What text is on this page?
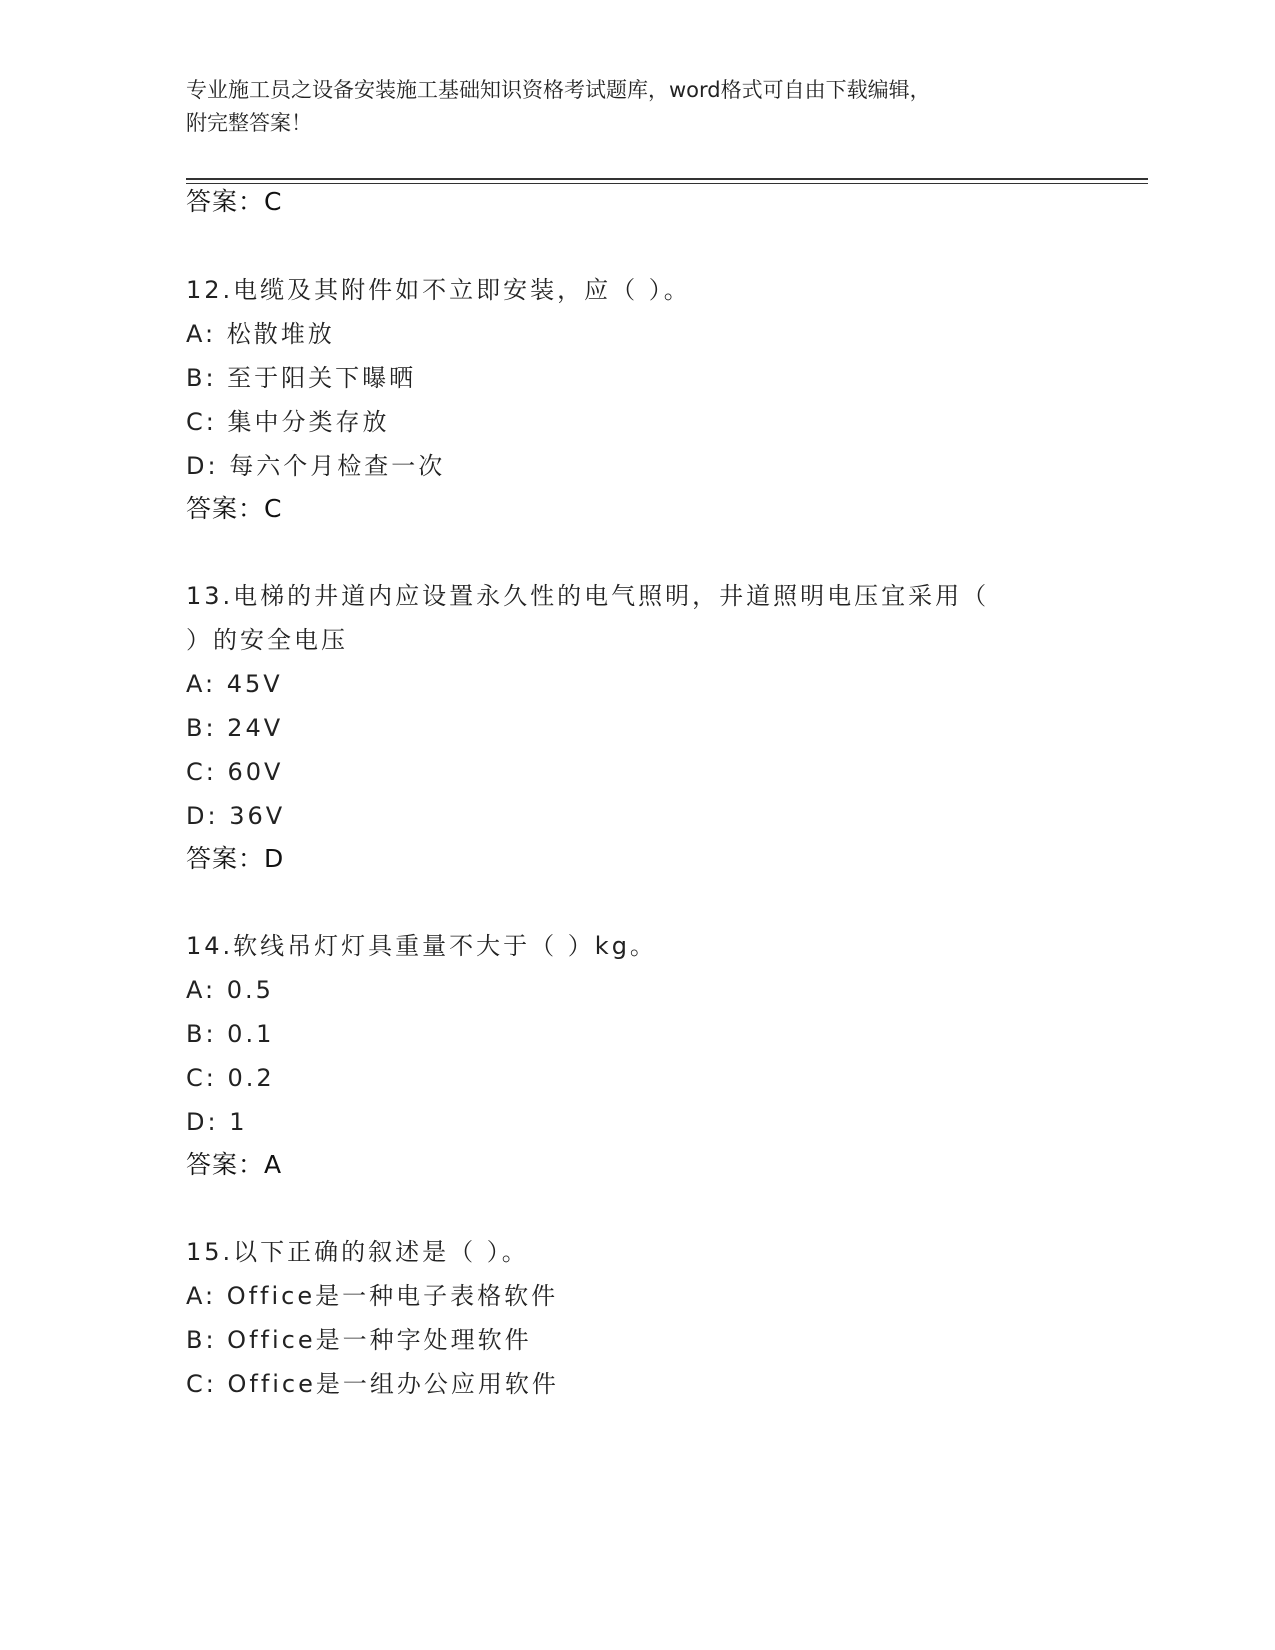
专业施工员之设备安装施工基础知识资格考试题库，word格式可自由下载编辑，
附完整答案！
答案：C
12.电缆及其附件如不立即安装，应（ ）。
A: 松散堆放
B: 至于阳关下曝晒
C: 集中分类存放
D: 每六个月检查一次
答案：C
13.电梯的井道内应设置永久性的电气照明，井道照明电压宜采用（
）的安全电压
A: 45V
B: 24V
C: 60V
D: 36V
答案：D
14.软线吊灯灯具重量不大于（ ）kg。
A: 0.5
B: 0.1
C: 0.2
D: 1
答案：A
15.以下正确的叙述是（ ）。
A: Office是一种电子表格软件
B: Office是一种字处理软件
C: Office是一组办公应用软件
